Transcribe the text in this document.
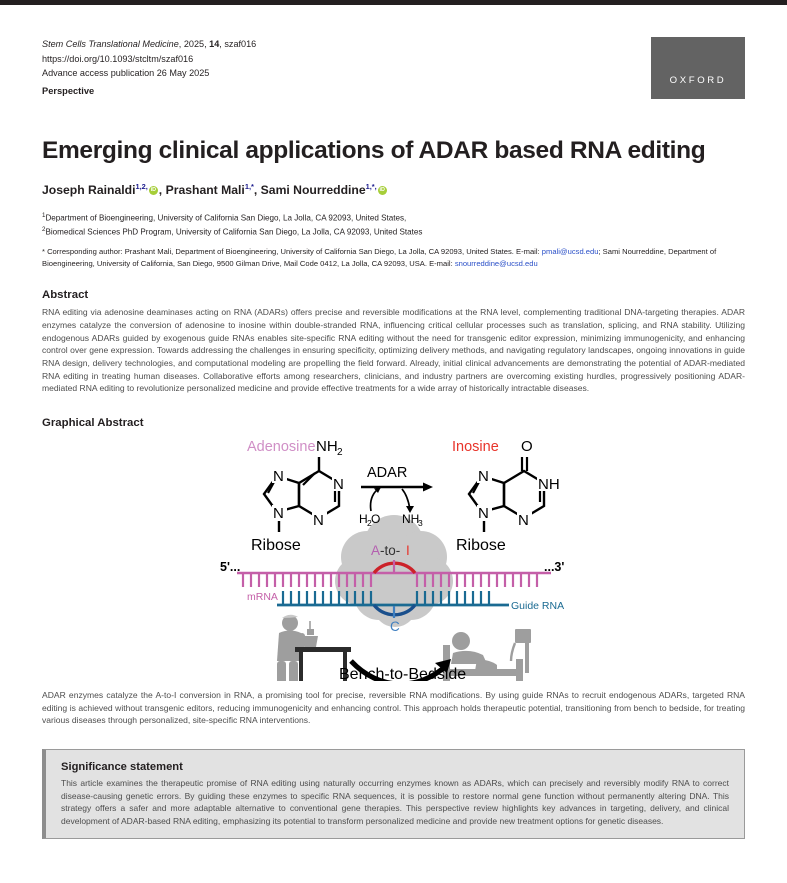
Stem Cells Translational Medicine, 2025, 14, szaf016
https://doi.org/10.1093/stcltm/szaf016
Advance access publication 26 May 2025
Perspective
OXFORD
Emerging clinical applications of ADAR based RNA editing
Joseph Rainaldi$^{1,2,}$ iD , Prashant Mali$^{1,*}$, Sami Nourreddine$^{1,*,}$iD
$^1$Department of Bioengineering, University of California San Diego, La Jolla, CA 92093, United States,
$^2$Biomedical Sciences PhD Program, University of California San Diego, La Jolla, CA 92093, United States
* Corresponding author: Prashant Mali, Department of Bioengineering, University of California San Diego, La Jolla, CA 92093, United States. E-mail: pmali@ucsd.edu; Sami Nourreddine, Department of Bioengineering, University of California, San Diego, 9500 Gilman Drive, Mail Code 0412, La Jolla, CA 92093, USA. E-mail: snourreddine@ucsd.edu
Abstract
RNA editing via adenosine deaminases acting on RNA (ADARs) offers precise and reversible modifications at the RNA level, complementing traditional DNA-targeting therapies. ADAR enzymes catalyze the conversion of adenosine to inosine within double-stranded RNA, influencing critical cellular processes such as translation, splicing, and RNA stability. Utilizing endogenous ADARs guided by exogenous guide RNAs enables site-specific RNA editing without the need for transgenic editor expression, minimizing immunogenicity, and enhancing control over gene expression. Towards addressing the challenges in ensuring specificity, optimizing delivery methods, and navigating regulatory landscapes, ongoing innovations in guide RNA design, delivery technologies, and computational modeling are propelling the field forward. Already, initial clinical advancements are demonstrating the potential of ADAR-mediated RNA editing in treating human diseases. Collaborative efforts among researchers, clinicians, and industry partners are overcoming existing hurdles, progressively positioning ADAR-mediated RNA editing to revolutionize personalized medicine and provide effective treatments for a wide array of historically intractable diseases.
Graphical Abstract
Adenosine NH 2
N	N
N N
Ribose
ADAR
H 2 O NH
3
Inosine O
N	NH
N N
Ribose
A -to- I
C
5'...	...3'
mRNA
Guide RNA
Bench-to-Bedside
ADAR enzymes catalyze the A-to-I conversion in RNA, a promising tool for precise, reversible RNA modifications. By using guide RNAs to recruit endogenous ADARs, targeted RNA editing is achieved without transgenic editors, reducing immunogenicity and enhancing control. This approach holds therapeutic potential, transitioning from bench to bedside, for treating various diseases through personalized, site-specific RNA interventions.
Significance statement
This article examines the therapeutic promise of RNA editing using naturally occurring enzymes known as ADARs, which can precisely and reversibly modify RNA to correct disease-causing genetic errors. By guiding these enzymes to specific RNA sequences, it is possible to restore normal gene function without permanently altering DNA. This strategy offers a safer and more adaptable alternative to conventional gene therapies. This perspective review highlights key advances in targeting, delivery, and clinical development of ADAR-based RNA editing, emphasizing its potential to transform personalized medicine and provide new treatment options for genetic diseases.
